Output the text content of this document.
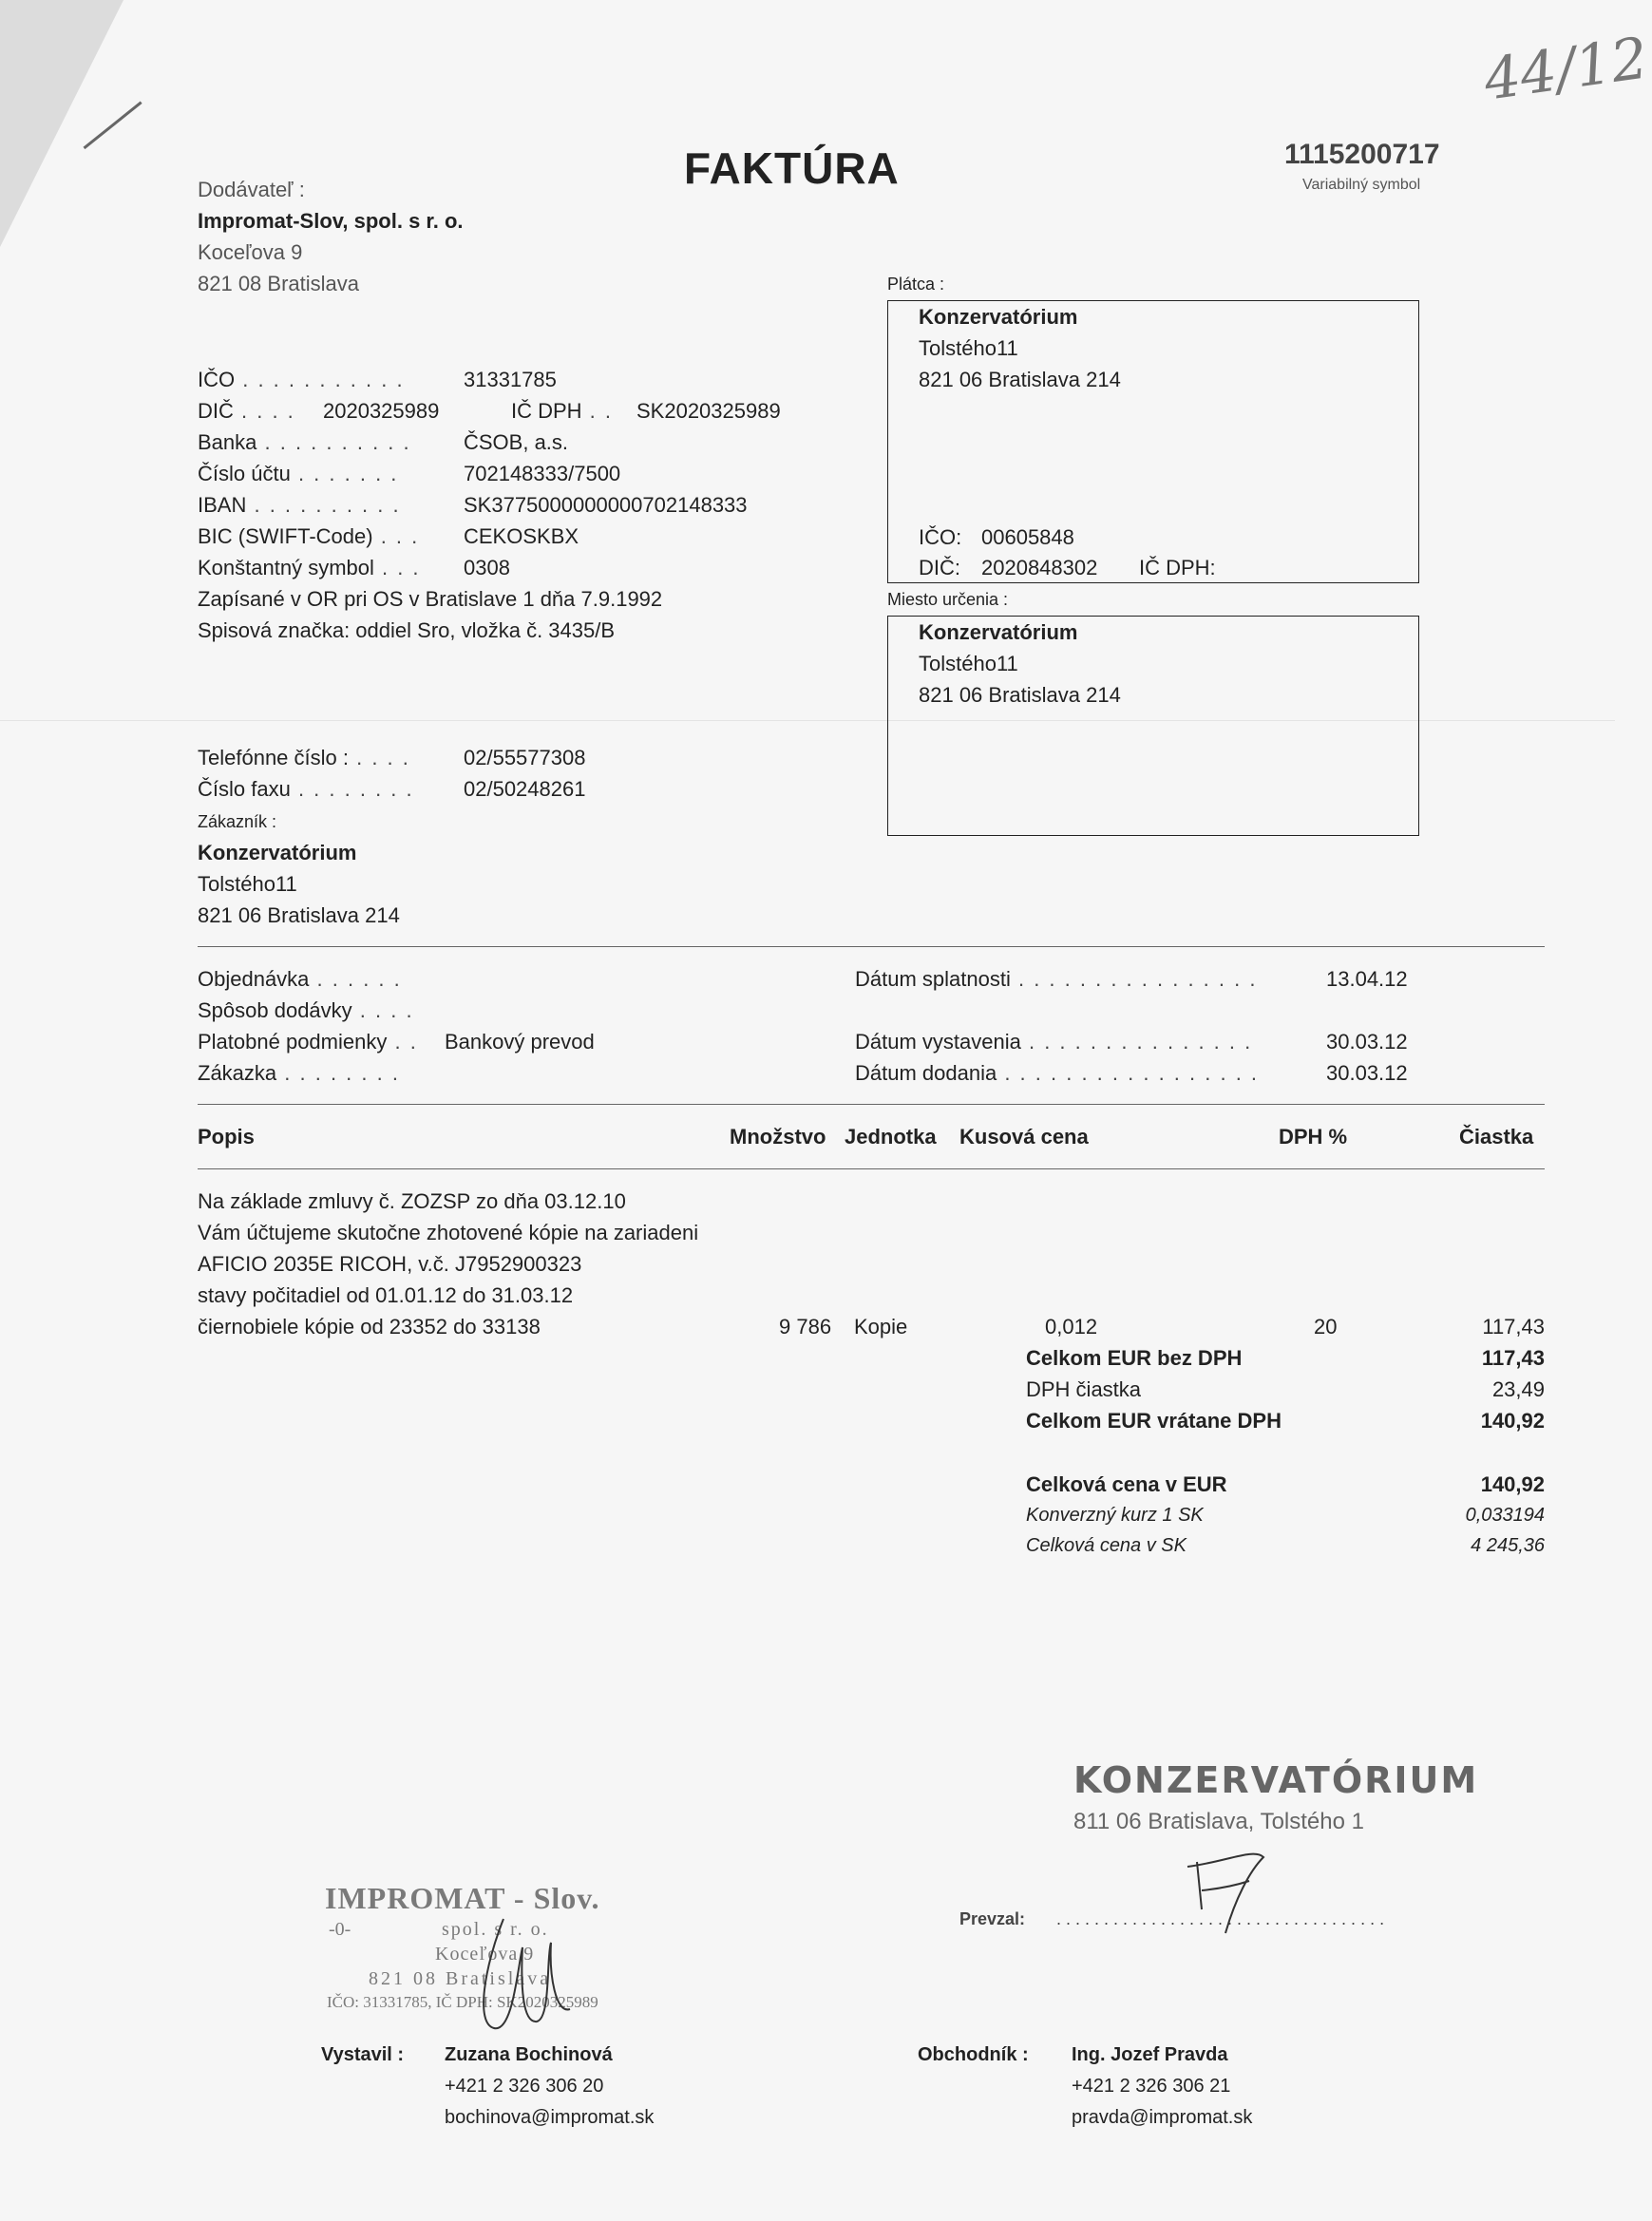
44/12
FAKTÚRA	1115200717
Variabilný symbol
Dodávateľ :
Impromat-Slov, spol. s r. o.
Koceľova 9
821 08 Bratislava
IČO . . . . . . . . . . .	31331785
DIČ . . . . 2020325989	IČ DPH . . SK2020325989
Banka . . . . . . . . . .	ČSOB, a.s.
Číslo účtu . . . . . . .	702148333/7500
IBAN . . . . . . . . . .	SK3775000000000702148333
BIC (SWIFT-Code) . . . CEKOSKBX
Konštantný symbol . . . 0308
Zapísané v OR pri OS v Bratislave 1 dňa 7.9.1992
Spisová značka: oddiel Sro, vložka č. 3435/B
Telefónne číslo : . . . .	02/55577308
Číslo faxu . . . . . . . . 02/50248261
Zákazník :
Konzervatórium
Tolstého11
821 06 Bratislava 214
Plátca :
Konzervatórium
Tolstého11
821 06 Bratislava 214
IČO: 00605848
DIČ: 2020848302 IČ DPH:
Miesto určenia :
Konzervatórium
Tolstého11
821 06 Bratislava 214
Objednávka . . . . . .
Spôsob dodávky . . . .
Platobné podmienky . . Bankový prevod
Zákazka . . . . . . . .
Dátum splatnosti . . . . . . . . . . . . . . . .	13.04.12
Dátum vystavenia . . . . . . . . . . . . . . .	30.03.12
Dátum dodania . . . . . . . . . . . . . . . . .	30.03.12
Popis	Množstvo Jednotka Kusová cena	DPH %	Čiastka
Na základe zmluvy č. ZOZSP zo dňa 03.12.10
Vám účtujeme skutočne zhotovené kópie na zariadeni
AFICIO 2035E RICOH, v.č. J7952900323
stavy počitadiel od 01.01.12 do 31.03.12
čiernobiele kópie od 23352 do 33138	9 786 Kopie	0,012	20	117,43
Celkom EUR bez DPH	117,43
DPH čiastka	23,49
Celkom EUR vrátane DPH	140,92
Celková cena v EUR	140,92
Konverzný kurz 1 SK	0,033194
Celková cena v SK	4 245,36
KONZERVATÓRIUM
811 06 Bratislava, Tolstého 1
Prevzal: . . . . . . . . . . . . . . . . . . . . . . . . . . . . . . . . . . .
IMPROMAT - Slov.
-0-	spol. s r. o.
Koceľova 9
821 08 Bratislava
IČO: 31331785, IČ DPH: SK2020325989
Vystavil : Zuzana Bochinová
+421 2 326 306 20
bochinova@impromat.sk
Obchodník : Ing. Jozef Pravda
+421 2 326 306 21
pravda@impromat.sk
